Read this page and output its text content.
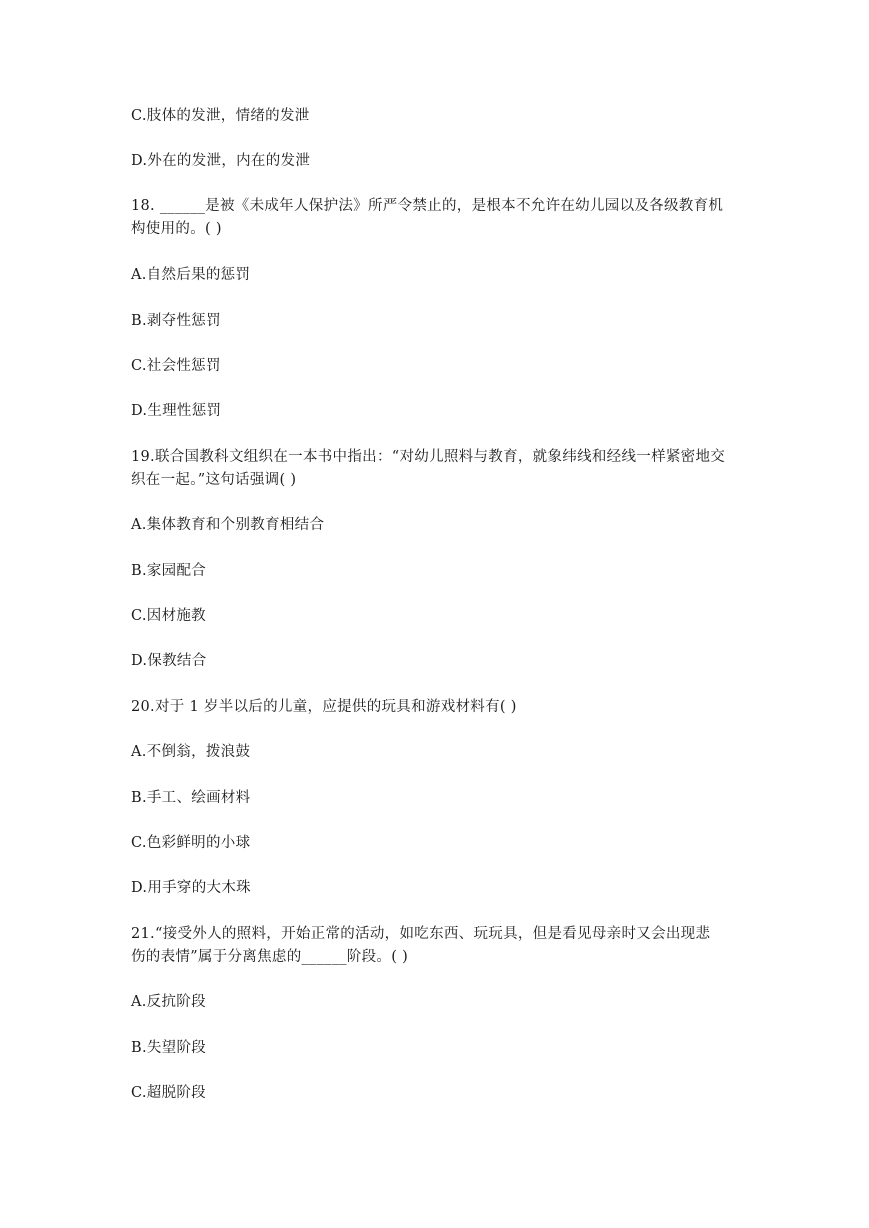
C.肢体的发泄，情绪的发泄
D.外在的发泄，内在的发泄
18. ______是被《未成年人保护法》所严令禁止的，是根本不允许在幼儿园以及各级教育机
构使用的。( )
A.自然后果的惩罚
B.剥夺性惩罚
C.社会性惩罚
D.生理性惩罚
19.联合国教科文组织在一本书中指出：“对幼儿照料与教育，就象纬线和经线一样紧密地交
织在一起。”这句话强调( )
A.集体教育和个别教育相结合
B.家园配合
C.因材施教
D.保教结合
20.对于 1 岁半以后的儿童，应提供的玩具和游戏材料有( )
A.不倒翁，拨浪鼓
B.手工、绘画材料
C.色彩鲜明的小球
D.用手穿的大木珠
21.“接受外人的照料，开始正常的活动，如吃东西、玩玩具，但是看见母亲时又会出现悲
伤的表情”属于分离焦虑的______阶段。( )
A.反抗阶段
B.失望阶段
C.超脱阶段
